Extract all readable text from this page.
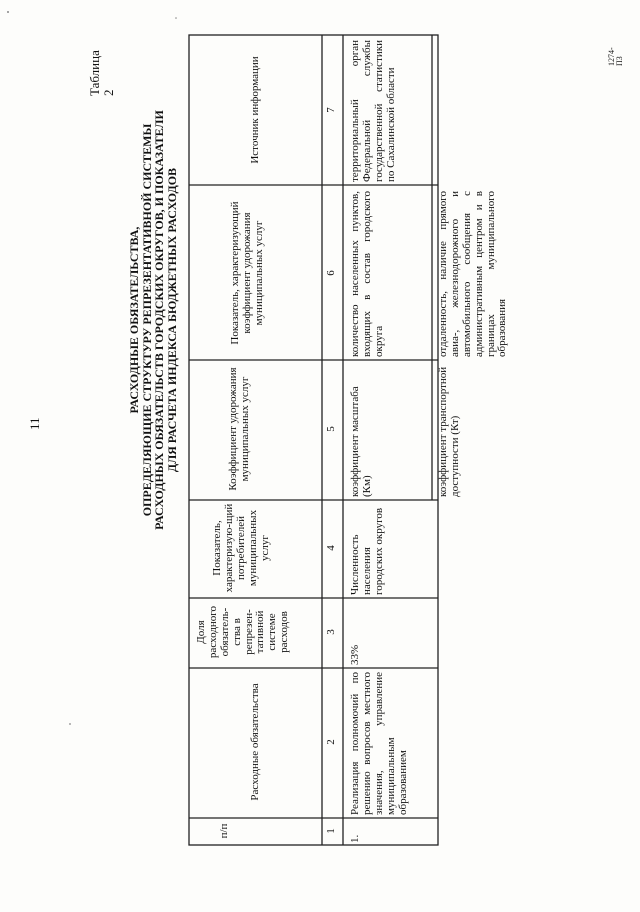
11
Таблица 2
РАСХОДНЫЕ ОБЯЗАТЕЛЬСТВА,
ОПРЕДЕЛЯЮЩИЕ СТРУКТУРУ РЕПРЕЗЕНТАТИВНОЙ СИСТЕМЫ
РАСХОДНЫХ ОБЯЗАТЕЛЬСТВ ГОРОДСКИХ ОКРУГОВ, И ПОКАЗАТЕЛИ
ДЛЯ РАСЧЕТА ИНДЕКСА БЮДЖЕТНЫХ РАСХОДОВ
1274-ПЗ
п/п
Расходные обязательства
Доля расходного обязатель-ства в репрезен-тативной системе расходов
Показатель, характеризую-щий потребителей муниципальных услуг
Коэффициент удорожания муниципальных услуг
Показатель, характеризующий коэффициент удорожания муниципальных услуг
Источник информации
1
2
3
4
5
6
7
1.
Реализация полномочий по решению вопросов местного значения, управление муниципальным образованием
33%
Численность населения городских округов
коэффициент масштаба (Км)
количество населенных пунктов, входящих в состав городского округа
территориальный орган Федеральной службы государственной статистики по Сахалинской области
коэффициент транспортной доступности (Кт)
отдаленность, наличие прямого авиа-, железнодорожного и автомобильного сообщения с административным центром и в границах муниципального образования
